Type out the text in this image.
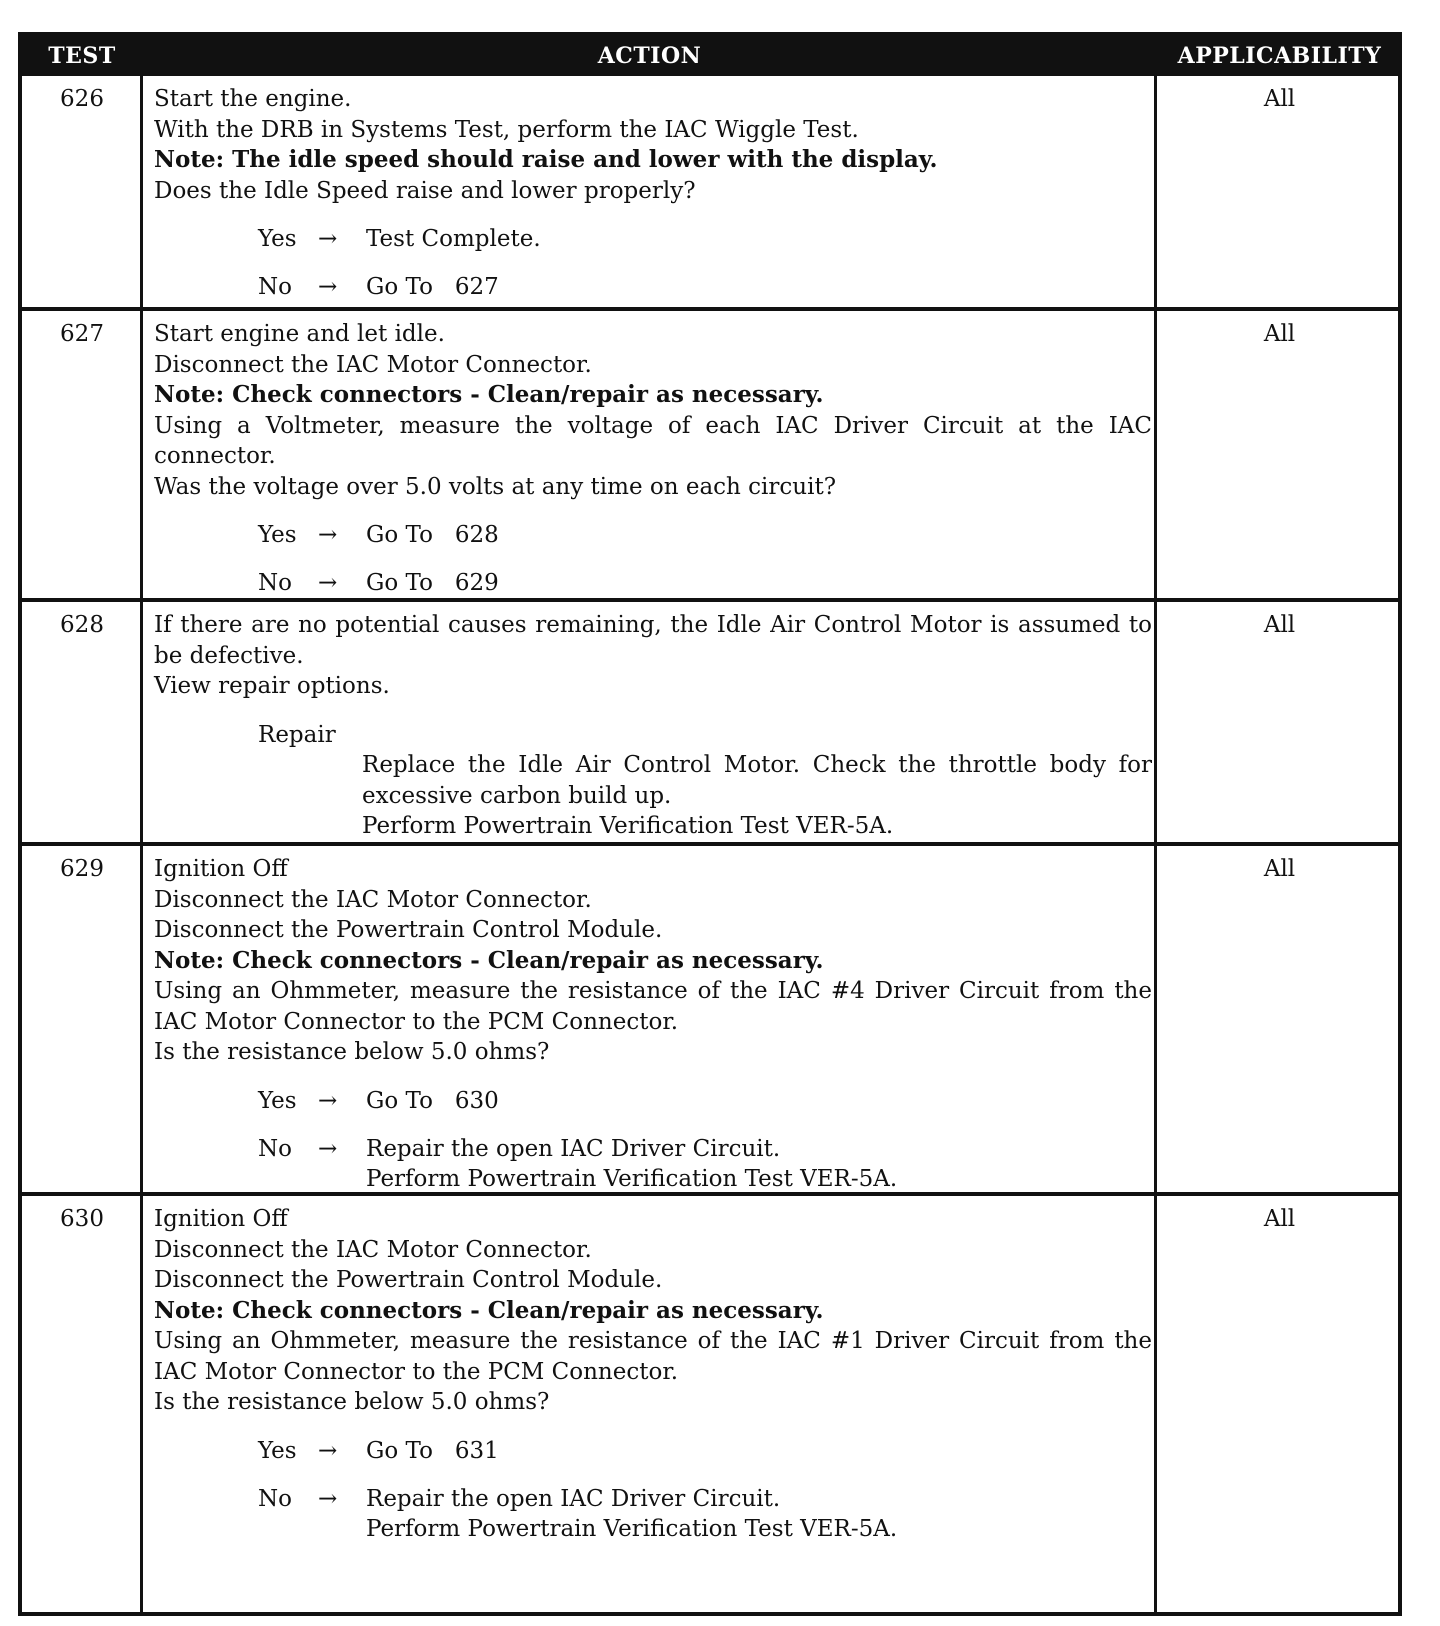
TEST	ACTION	APPLICABILITY
626	Start the engine.
With the DRB in Systems Test, perform the IAC Wiggle Test.
Note: The idle speed should raise and lower with the display.
Does the Idle Speed raise and lower properly?
Yes → Test Complete.
No → Go To   627
All
627	Start engine and let idle.
Disconnect the IAC Motor Connector.
Note: Check connectors - Clean/repair as necessary.
Using a Voltmeter, measure the voltage of each IAC Driver Circuit at the IAC connector.
Was the voltage over 5.0 volts at any time on each circuit?
Yes → Go To   628
No → Go To   629
All
628	If there are no potential causes remaining, the Idle Air Control Motor is assumed to be defective.
View repair options.
Repair
Replace the Idle Air Control Motor. Check the throttle body for excessive carbon build up.
Perform Powertrain Verification Test VER-5A.
All
629	Ignition Off
Disconnect the IAC Motor Connector.
Disconnect the Powertrain Control Module.
Note: Check connectors - Clean/repair as necessary.
Using an Ohmmeter, measure the resistance of the IAC #4 Driver Circuit from the IAC Motor Connector to the PCM Connector.
Is the resistance below 5.0 ohms?
Yes → Go To   630
No → Repair the open IAC Driver Circuit.
Perform Powertrain Verification Test VER-5A.
All
630	Ignition Off
Disconnect the IAC Motor Connector.
Disconnect the Powertrain Control Module.
Note: Check connectors - Clean/repair as necessary.
Using an Ohmmeter, measure the resistance of the IAC #1 Driver Circuit from the IAC Motor Connector to the PCM Connector.
Is the resistance below 5.0 ohms?
Yes → Go To   631
No → Repair the open IAC Driver Circuit.
Perform Powertrain Verification Test VER-5A.
All
